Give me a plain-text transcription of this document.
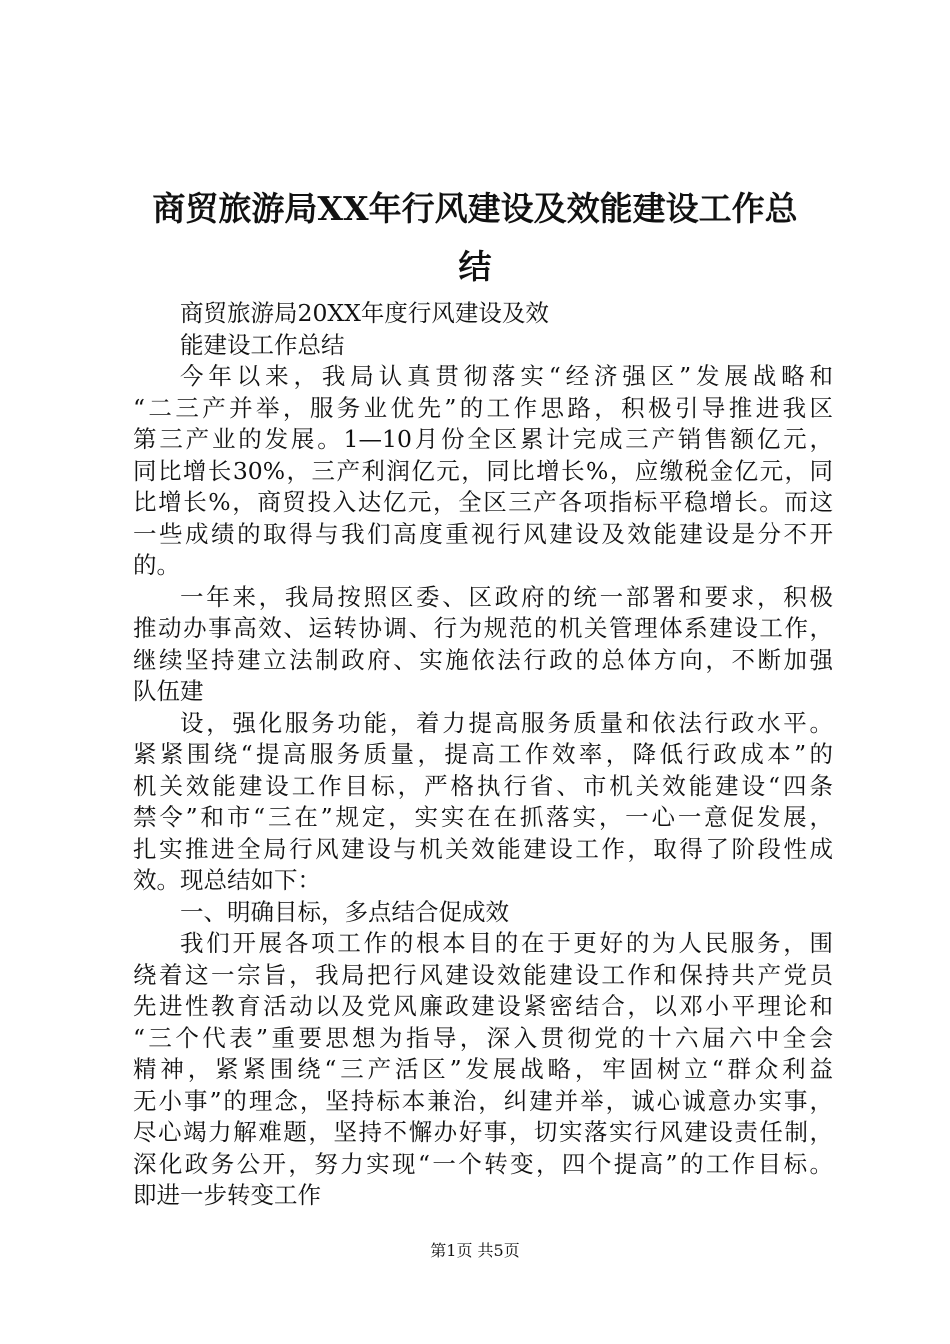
商贸旅游局XX年行风建设及效能建设工作总
结
商贸旅游局20XX年度行风建设及效
能建设工作总结
今年以来，我局认真贯彻落实“经济强区”发展战略和
“二三产并举，服务业优先”的工作思路，积极引导推进我区
第三产业的发展。1—10月份全区累计完成三产销售额亿元，
同比增长30%，三产利润亿元，同比增长%，应缴税金亿元，同
比增长%，商贸投入达亿元，全区三产各项指标平稳增长。而这
一些成绩的取得与我们高度重视行风建设及效能建设是分不开
的。
一年来，我局按照区委、区政府的统一部署和要求，积极
推动办事高效、运转协调、行为规范的机关管理体系建设工作，
继续坚持建立法制政府、实施依法行政的总体方向，不断加强
队伍建
设，强化服务功能，着力提高服务质量和依法行政水平。
紧紧围绕“提高服务质量，提高工作效率，降低行政成本”的
机关效能建设工作目标，严格执行省、市机关效能建设“四条
禁令”和市“三在”规定，实实在在抓落实，一心一意促发展，
扎实推进全局行风建设与机关效能建设工作，取得了阶段性成
效。现总结如下：
一、明确目标，多点结合促成效
我们开展各项工作的根本目的在于更好的为人民服务，围
绕着这一宗旨，我局把行风建设效能建设工作和保持共产党员
先进性教育活动以及党风廉政建设紧密结合，以邓小平理论和
“三个代表”重要思想为指导，深入贯彻党的十六届六中全会
精神，紧紧围绕“三产活区”发展战略，牢固树立“群众利益
无小事”的理念，坚持标本兼治，纠建并举，诚心诚意办实事，
尽心竭力解难题，坚持不懈办好事，切实落实行风建设责任制，
深化政务公开，努力实现“一个转变，四个提高”的工作目标。
即进一步转变工作
第1页 共5页
